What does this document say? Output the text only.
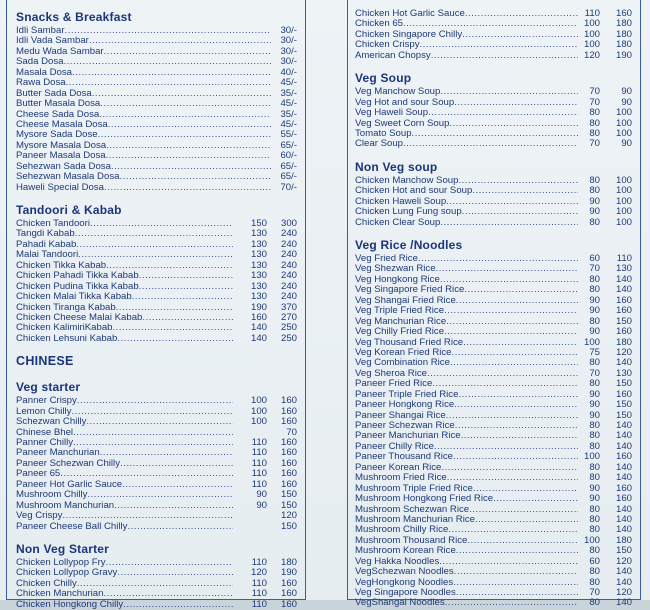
Snacks & Breakfast
Idli Sambar .....	30/-
Idli Vada Sambar .....	30/-
Medu Wada Sambar .....	30/-
Sada Dosa .....	30/-
Masala Dosa .....	40/-
Rawa Dosa .....	45/-
Butter Sada Dosa .....	35/-
Butter Masala Dosa .....	45/-
Cheese Sada Dosa .....	35/-
Cheese Masala Dosa .....	45/-
Mysore Sada Dose .....	55/-
Mysore Masala Dosa .....	65/-
Paneer Masala Dosa .....	60/-
Sehezwan Sada Dosa .....	65/-
Sehezwan Masala Dosa .....	65/-
Haweli Special Dosa .....	70/-
Tandoori & Kabab
Chicken Tandoori .....	150	300
Tangdi Kabab .....	130	240
Pahadi Kabab .....	130	240
Malai Tandoori .....	130	240
Chicken Tikka Kabab .....	130	240
Chicken Pahadi Tikka Kabab .....	130	240
Chicken Pudina Tikka Kabab .....	130	240
Chicken Malai Tikka Kabab .....	130	240
Chicken Tiranga Kabab .....	190	370
Chicken Cheese Malai Kabab .....	160	270
Chicken KalimiriKabab .....	140	250
Chicken Lehsuni Kabab .....	140	250
CHINESE
Veg starter
Panner Crispy .....	100	160
Lemon Chilly .....	100	160
Schezwan Chilly .....	100	160
Chinese Bhel .....	70
Panner Chilly .....	110	160
Paneer Manchurian .....	110	160
Paneer Schezwan Chilly .....	110	160
Paneer 65 .....	110	160
Paneer Hot Garlic Sauce .....	110	160
Mushroom Chilly .....	90	150
Mushroom Manchurian .....	90	150
Veg Crispy .....	120
Paneer Cheese Ball Chilly .....	150
Non Veg Starter
Chicken Lollypop Fry .....	110	180
Chicken Lollypop Gravy .....	120	190
Chicken Chilly .....	110	160
Chicken Manchurian .....	110	160
Chicken Hongkong Chilly .....	110	160
Chicken Hot Garlic Sauce .....	110	160
Chicken 65 .....	100	180
Chicken Singapore Chilly .....	100	180
Chicken Crispy .....	100	180
American Chopsy .....	120	190
Veg Soup
Veg Manchow Soup .....	70	90
Veg Hot and sour Soup .....	70	90
Veg Haweli Soup .....	80	100
Veg Sweet Corn Soup .....	80	100
Tomato Soup .....	80	100
Clear Soup .....	70	90
Non Veg soup
Chicken Manchow Soup .....	80	100
Chicken Hot and sour Soup .....	80	100
Chicken Haweli Soup .....	90	100
Chicken Lung Fung soup .....	90	100
Chicken Clear Soup .....	80	100
Veg Rice /Noodles
Veg Fried Rice .....	60	110
Veg Shezwan Rice .....	70	130
Veg Hongkong Rice .....	80	140
Veg Singapore Fried Rice .....	80	140
Veg Shangai Fried Rice .....	90	160
Veg Triple Fried Rice .....	90	160
Veg Manchurian Rice .....	80	150
Veg Chilly Fried Rice .....	90	160
Veg Thousand Fried Rice .....	100	180
Veg Korean Fried Rice .....	75	120
Veg Combination Rice .....	80	140
Veg Sheroa Rice .....	70	130
Paneer Fried Rice .....	80	150
Paneer Triple Fried Rice .....	90	160
Paneer Hongkong Rice .....	90	150
Paneer Shangai Rice .....	90	150
Paneer Schezwan Rice .....	80	140
Paneer Manchurian Rice .....	80	140
Paneer Chilly Rice .....	80	140
Paneer Thousand Rice .....	100	160
Paneer Korean Rice .....	80	140
Mushroom Fried Rice .....	80	140
Mushroom Triple Fried Rice .....	90	160
Mushroom Hongkong Fried Rice .....	90	160
Mushroom Schezwan Rice .....	80	140
Mushroom Manchurian Rice .....	80	140
Mushroom Chilly Rice .....	80	140
Mushroom Thousand Rice .....	100	180
Mushroom Korean Rice .....	80	150
Veg Hakka Noodles .....	60	120
VegSchezwan Noodles .....	80	140
VegHongkong Noodles .....	80	140
Veg Singapore Noodles .....	70	120
VegShangai Noodles .....	80	140
